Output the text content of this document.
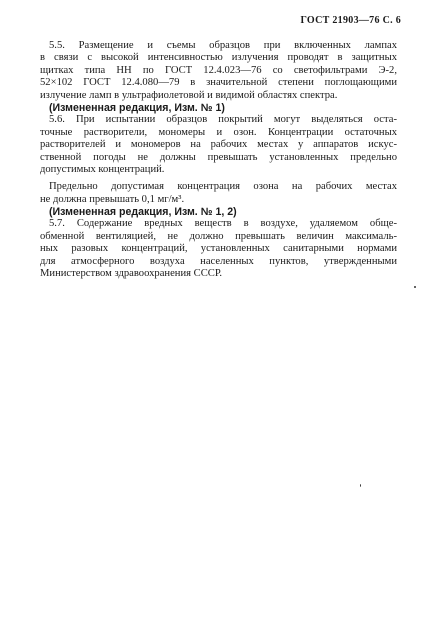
ГОСТ 21903—76 С. 6
5.5. Размещение и съемы образцов при включенных лампах
в связи с высокой интенсивностью излучения проводят в защитных
щитках типа НН по ГОСТ 12.4.023—76 со светофильтрами Э-2,
52×102 ГОСТ 12.4.080—79 в значительной степени поглощающими
излучение ламп в ультрафиолетовой и видимой областях спектра.
(Измененная редакция, Изм. № 1)
5.6. При испытании образцов покрытий могут выделяться оста-
точные растворители, мономеры и озон. Концентрации остаточных
растворителей и мономеров на рабочих местах у аппаратов искус-
ственной погоды не должны превышать установленных предельно
допустимых концентраций.
Предельно допустимая концентрация озона на рабочих местах
не должна превышать 0,1 мг/м³.
(Измененная редакция, Изм. № 1, 2)
5.7. Содержание вредных веществ в воздухе, удаляемом обще-
обменной вентиляцией, не должно превышать величин максималь-
ных разовых концентраций, установленных санитарными нормами
для атмосферного воздуха населенных пунктов, утвержденными
Министерством здравоохранения СССР.
